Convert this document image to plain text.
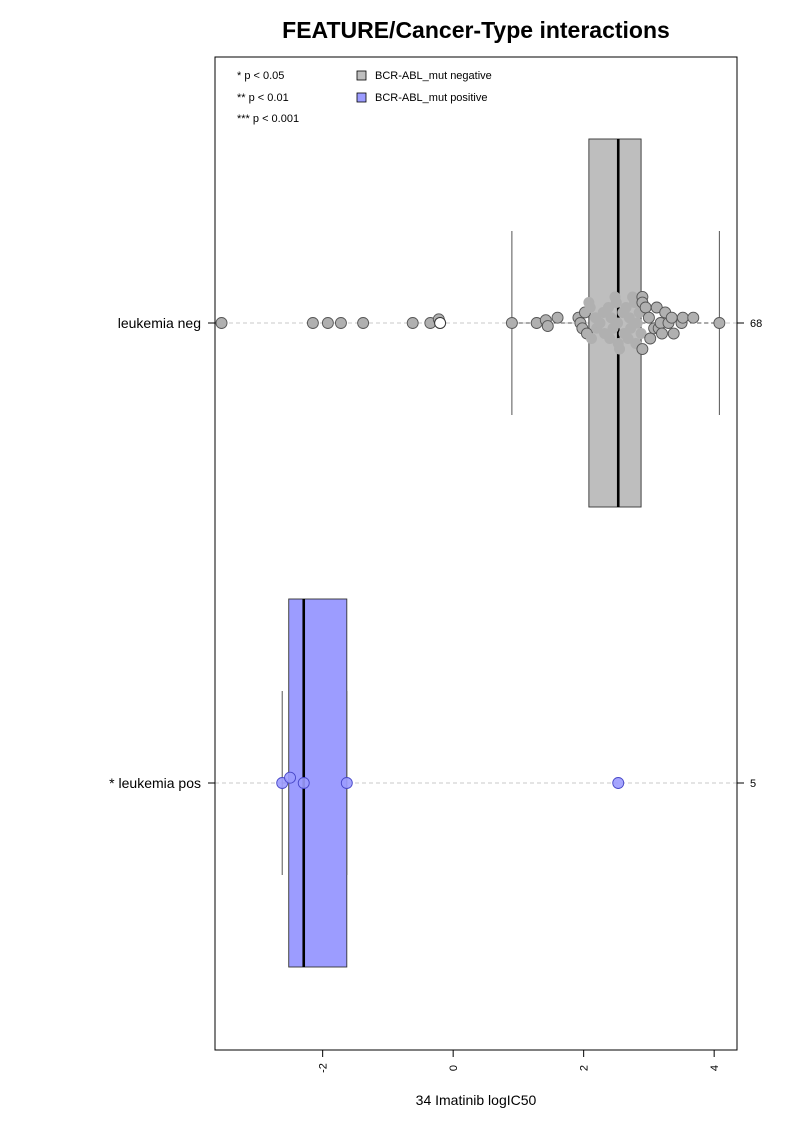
FEATURE/Cancer-Type interactions
* p < 0.05
** p < 0.01
*** p < 0.001
BCR-ABL_mut negative
BCR-ABL_mut positive
leukemia neg	68
* leukemia pos	5
-2	0	2	4
34 Imatinib logIC50
